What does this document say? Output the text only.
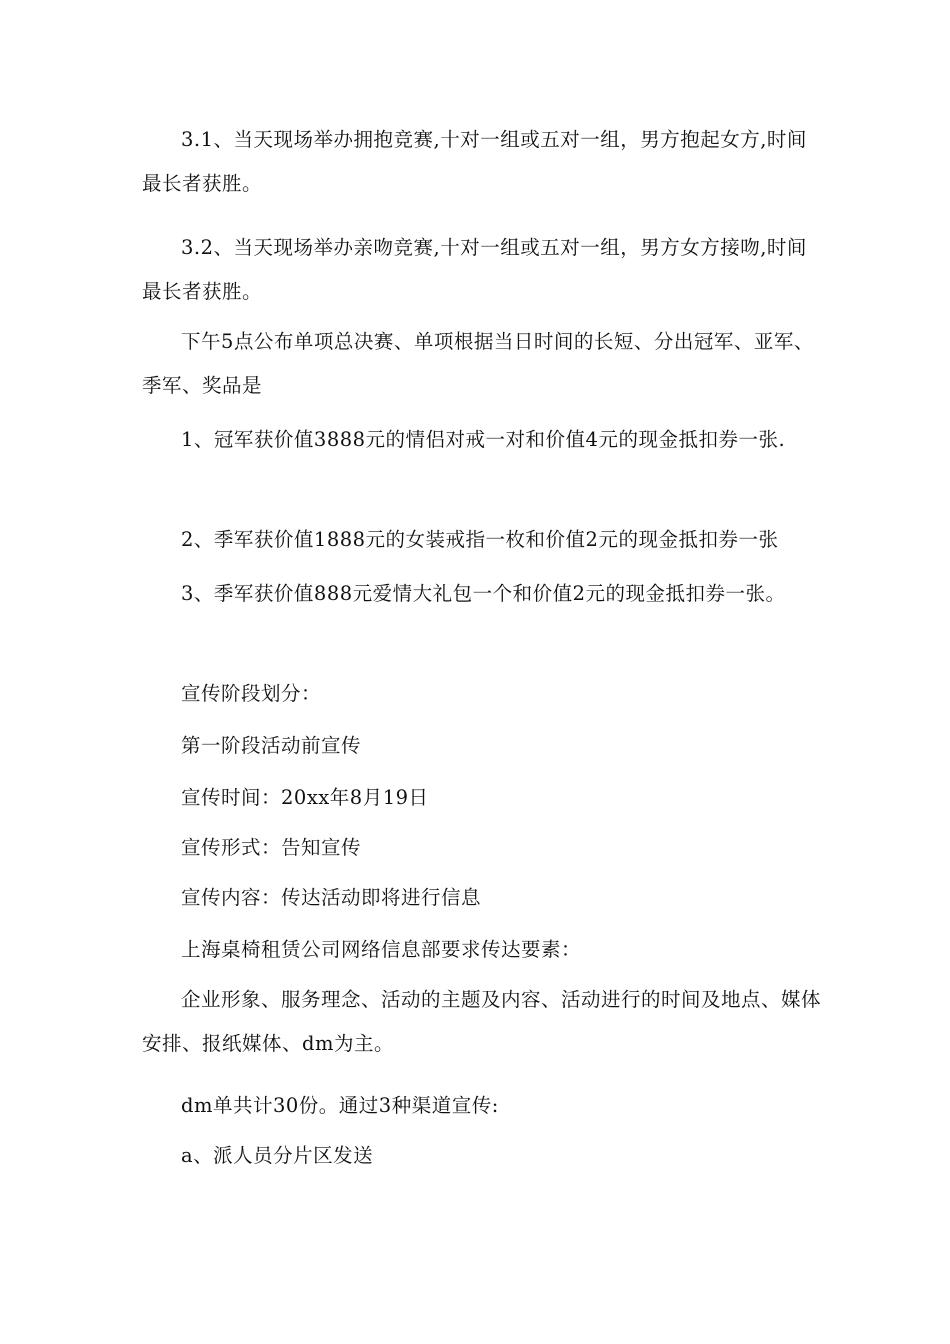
3.1、当天现场举办拥抱竞赛,十对一组或五对一组，男方抱起女方,时间最长者获胜。

3.2、当天现场举办亲吻竞赛,十对一组或五对一组，男方女方接吻,时间最长者获胜。

下午5点公布单项总决赛、单项根据当日时间的长短、分出冠军、亚军、季军、奖品是

1、冠军获价值3888元的情侣对戒一对和价值4元的现金抵扣券一张.

2、季军获价值1888元的女装戒指一枚和价值2元的现金抵扣券一张

3、季军获价值888元爱情大礼包一个和价值2元的现金抵扣券一张。

宣传阶段划分：

第一阶段活动前宣传

宣传时间：20xx年8月19日

宣传形式：告知宣传

宣传内容：传达活动即将进行信息

上海桌椅租赁公司网络信息部要求传达要素：

企业形象、服务理念、活动的主题及内容、活动进行的时间及地点、媒体安排、报纸媒体、dm为主。

dm单共计30份。通过3种渠道宣传:

a、派人员分片区发送
